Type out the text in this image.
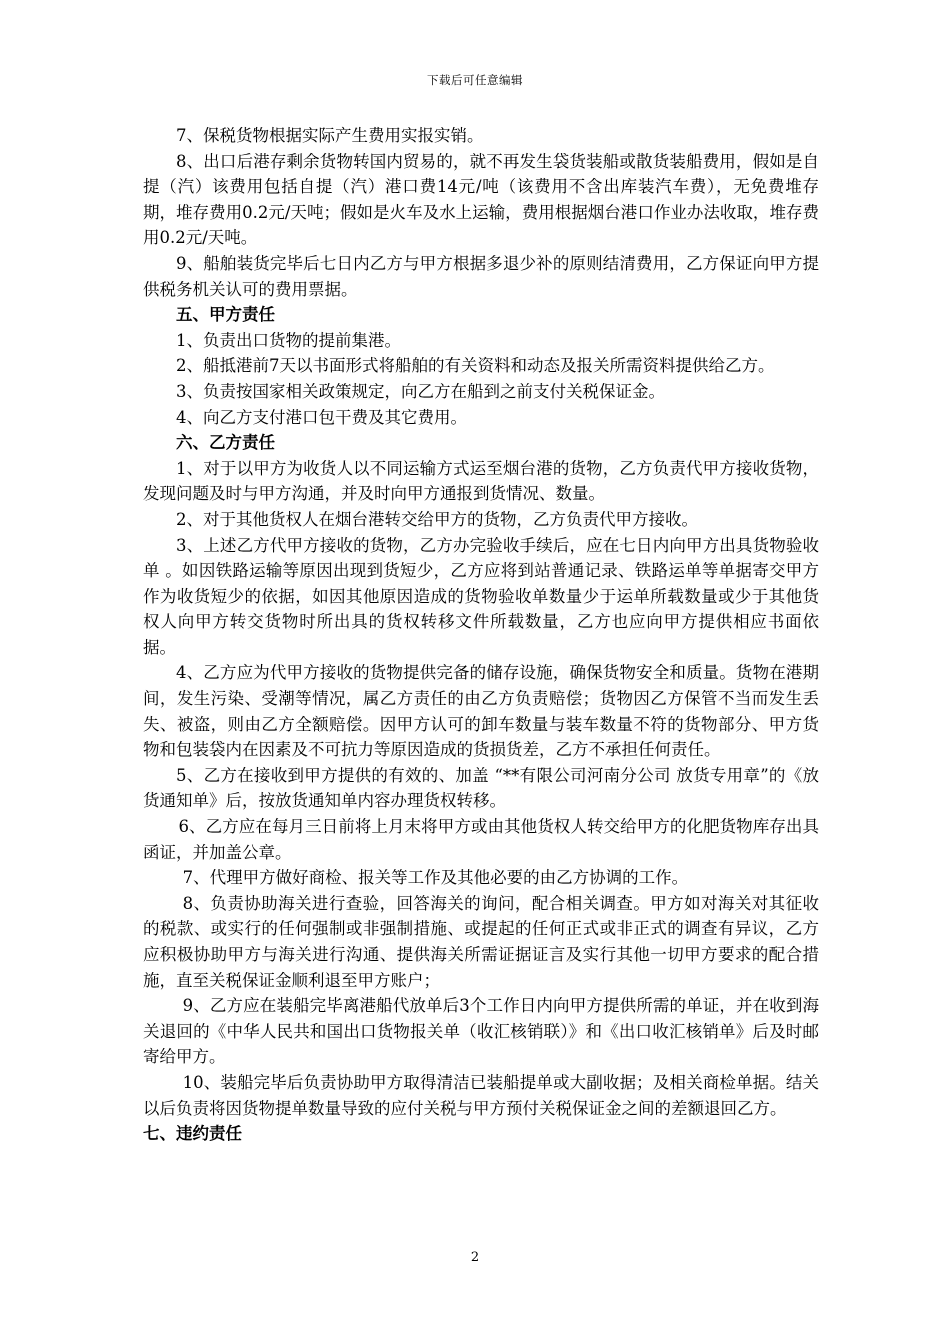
下载后可任意编辑

7、保税货物根据实际产生费用实报实销。

8、出口后港存剩余货物转国内贸易的，就不再发生袋货装船或散货装船费用，假如是自提（汽）该费用包括自提（汽）港口费14元/吨（该费用不含出库装汽车费），无免费堆存期，堆存费用0.2元/天吨；假如是火车及水上运输，费用根据烟台港口作业办法收取，堆存费用0.2元/天吨。

9、船舶装货完毕后七日内乙方与甲方根据多退少补的原则结清费用，乙方保证向甲方提供税务机关认可的费用票据。

五、甲方责任

1、负责出口货物的提前集港。

2、船抵港前7天以书面形式将船舶的有关资料和动态及报关所需资料提供给乙方。

3、负责按国家相关政策规定，向乙方在船到之前支付关税保证金。

4、向乙方支付港口包干费及其它费用。

六、乙方责任

1、对于以甲方为收货人以不同运输方式运至烟台港的货物，乙方负责代甲方接收货物，发现问题及时与甲方沟通，并及时向甲方通报到货情况、数量。

2、对于其他货权人在烟台港转交给甲方的货物，乙方负责代甲方接收。

3、上述乙方代甲方接收的货物，乙方办完验收手续后，应在七日内向甲方出具货物验收单 。如因铁路运输等原因出现到货短少，乙方应将到站普通记录、铁路运单等单据寄交甲方作为收货短少的依据，如因其他原因造成的货物验收单数量少于运单所载数量或少于其他货权人向甲方转交货物时所出具的货权转移文件所载数量，乙方也应向甲方提供相应书面依据。

4、乙方应为代甲方接收的货物提供完备的储存设施，确保货物安全和质量。货物在港期间，发生污染、受潮等情况，属乙方责任的由乙方负责赔偿；货物因乙方保管不当而发生丢失、被盗，则由乙方全额赔偿。因甲方认可的卸车数量与装车数量不符的货物部分、甲方货物和包装袋内在因素及不可抗力等原因造成的货损货差，乙方不承担任何责任。

5、乙方在接收到甲方提供的有效的、加盖 “**有限公司河南分公司 放货专用章”的《放货通知单》后，按放货通知单内容办理货权转移。

6、乙方应在每月三日前将上月末将甲方或由其他货权人转交给甲方的化肥货物库存出具函证，并加盖公章。

7、代理甲方做好商检、报关等工作及其他必要的由乙方协调的工作。

8、负责协助海关进行查验，回答海关的询问，配合相关调查。甲方如对海关对其征收的税款、或实行的任何强制或非强制措施、或提起的任何正式或非正式的调查有异议，乙方应积极协助甲方与海关进行沟通、提供海关所需证据证言及实行其他一切甲方要求的配合措施，直至关税保证金顺利退至甲方账户；

9、乙方应在装船完毕离港船代放单后3个工作日内向甲方提供所需的单证，并在收到海关退回的《中华人民共和国出口货物报关单（收汇核销联）》和《出口收汇核销单》后及时邮寄给甲方。

10、装船完毕后负责协助甲方取得清洁已装船提单或大副收据；及相关商检单据。结关以后负责将因货物提单数量导致的应付关税与甲方预付关税保证金之间的差额退回乙方。

七、违约责任

2
